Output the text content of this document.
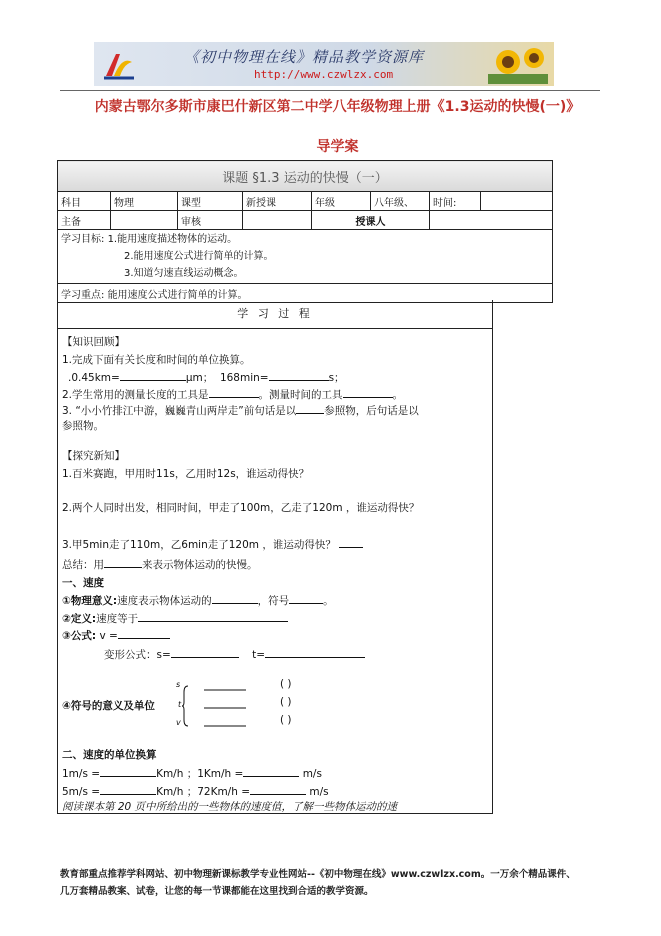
《初中物理在线》精品教学资源库
http://www.czwlzx.com
内蒙古鄂尔多斯市康巴什新区第二中学八年级物理上册《1.3运动的快慢(一)》
导学案
课题 §1.3 运动的快慢（一）							
科目	物理	课型	新授课	年级	八年级、	时间:	
主备		审核		授课人			
学习目标: 1.能用速度描述物体的运动。
2.能用速度公式进行简单的计算。
3.知道匀速直线运动概念。							

学习重点: 能用速度公式进行简单的计算。							
学 习 过 程
【知识回顾】
1.完成下面有关长度和时间的单位换算。
.0.45km=	μm； 168min=	s；
2.学生常用的测量长度的工具是	。测量时间的工具	。
3. “小小竹排江中游，巍巍青山两岸走”前句话是以	参照物，后句话是以
参照物。
【探究新知】
1.百米赛跑，甲用时11s，乙用时12s，谁运动得快？
2.两个人同时出发，相同时间，甲走了100m，乙走了120m ，谁运动得快？
3.甲5min走了110m，乙6min走了120m ，谁运动得快？
总结：用	来表示物体运动的快慢。
一、速度
①物理意义:速度表示物体运动的	，符号	。
②定义:速度等于
③公式: v =
变形公式：s=	t=
④符号的意义及单位
s
t
v
( )
( )
( )
二、速度的单位换算
1m/s =	Km/h ；1Km/h =	m/s
5m/s =	Km/h ；72Km/h =	m/s
阅读课本第 20 页中所给出的一些物体的速度值，了解一些物体运动的速
教育部重点推荐学科网站、初中物理新课标教学专业性网站--《初中物理在线》www.czwlzx.com。一万余个精品课件、
几万套精品教案、试卷，让您的每一节课都能在这里找到合适的教学资源。
